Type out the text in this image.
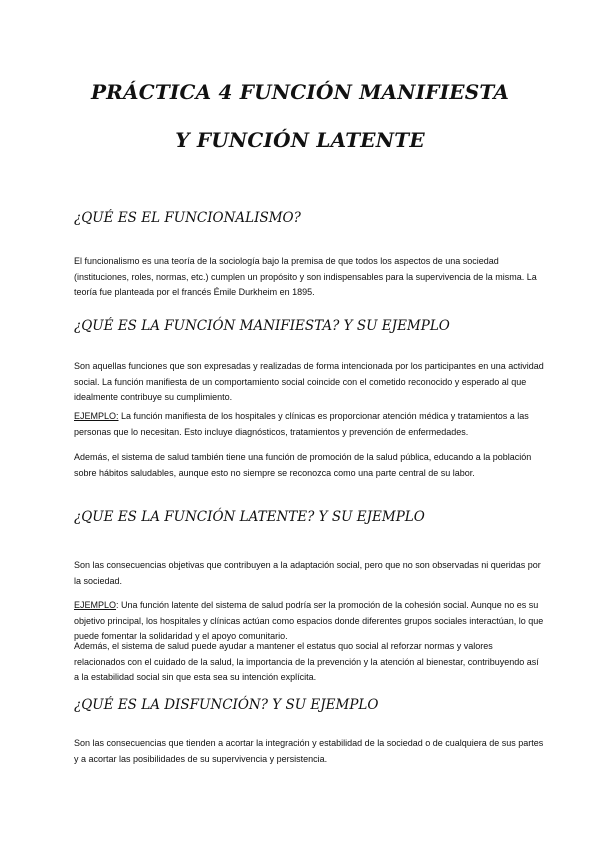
PRÁCTICA 4 FUNCIÓN MANIFIESTA
Y FUNCIÓN LATENTE
¿QUÉ ES EL FUNCIONALISMO?
El funcionalismo es una teoría de la sociología bajo la premisa de que todos los aspectos de una sociedad (instituciones, roles, normas, etc.) cumplen un propósito y son indispensables para la supervivencia de la misma. La teoría fue planteada por el francés Émile Durkheim en 1895.
¿QUÉ ES LA FUNCIÓN MANIFIESTA? Y SU EJEMPLO
Son aquellas funciones que son expresadas y realizadas de forma intencionada por los participantes en una actividad social. La función manifiesta de un comportamiento social coincide con el cometido reconocido y esperado al que idealmente contribuye su cumplimiento.
EJEMPLO: La función manifiesta de los hospitales y clínicas es proporcionar atención médica y tratamientos a las personas que lo necesitan. Esto incluye diagnósticos, tratamientos y prevención de enfermedades.
Además, el sistema de salud también tiene una función de promoción de la salud pública, educando a la población sobre hábitos saludables, aunque esto no siempre se reconozca como una parte central de su labor.
¿QUE ES LA FUNCIÓN LATENTE? Y SU EJEMPLO
Son las consecuencias objetivas que contribuyen a la adaptación social, pero que no son observadas ni queridas por la sociedad.
EJEMPLO: Una función latente del sistema de salud podría ser la promoción de la cohesión social. Aunque no es su objetivo principal, los hospitales y clínicas actúan como espacios donde diferentes grupos sociales interactúan, lo que puede fomentar la solidaridad y el apoyo comunitario.
Además, el sistema de salud puede ayudar a mantener el estatus quo social al reforzar normas y valores relacionados con el cuidado de la salud, la importancia de la prevención y la atención al bienestar, contribuyendo así a la estabilidad social sin que esta sea su intención explícita.
¿QUÉ ES LA DISFUNCIÓN? Y SU EJEMPLO
Son las consecuencias que tienden a acortar la integración y estabilidad de la sociedad o de cualquiera de sus partes y a acortar las posibilidades de su supervivencia y persistencia.
